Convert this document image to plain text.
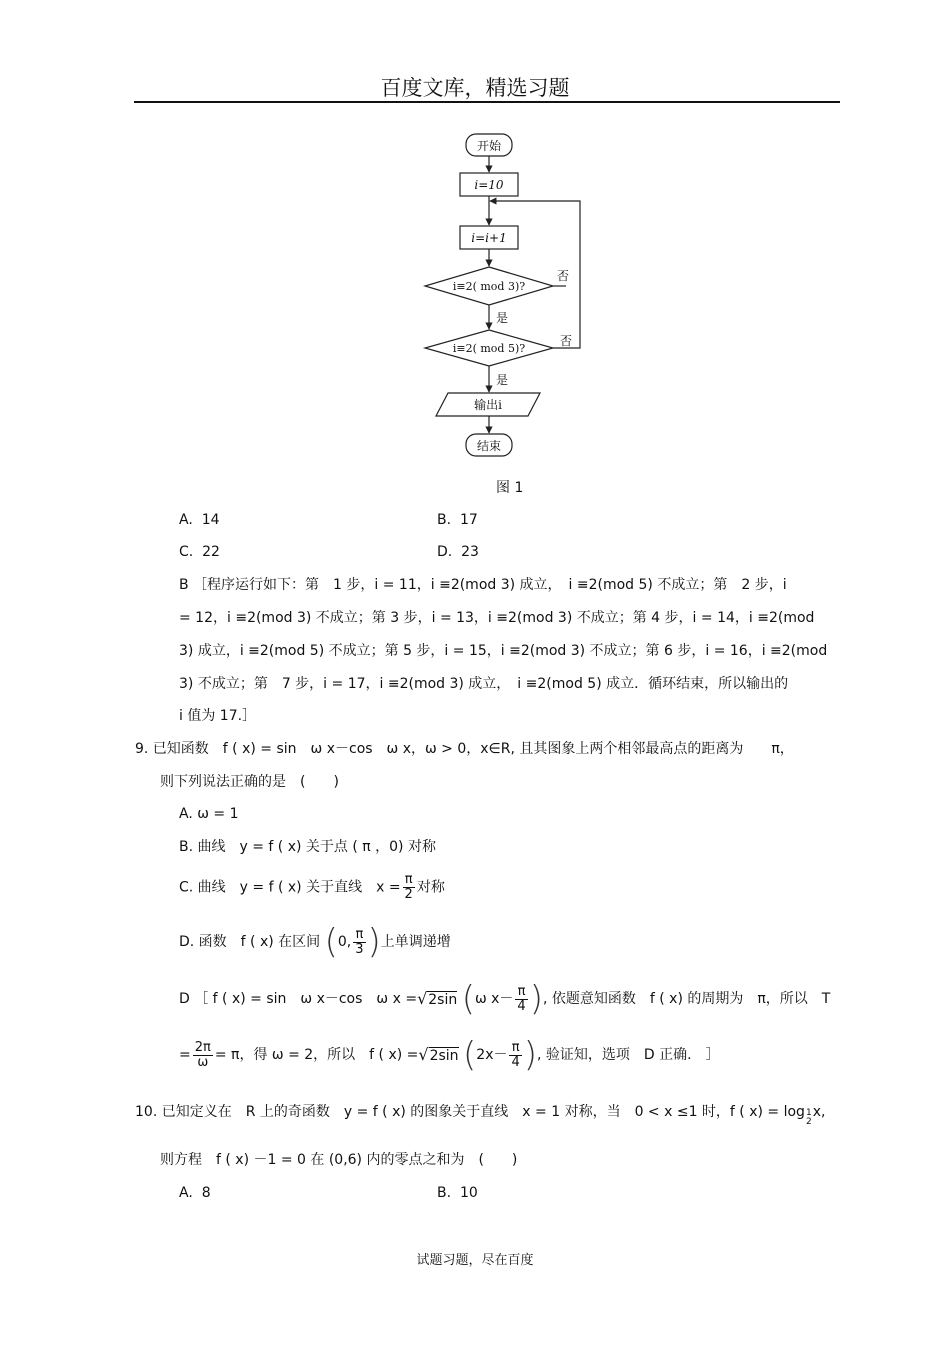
百度文库，精选习题
开始
i=10
i=i+1
i≡2( mod 3)?
i≡2( mod 5)?
输出i
结束
是
是
否
否
图 1
A. 14	B. 17
C. 22	D. 23
B ［程序运行如下：第　1 步，i = 11，i ≡2(mod 3) 成立，　i ≡2(mod 5) 不成立；第　2 步，i
= 12，i ≡2(mod 3) 不成立；第 3 步，i = 13，i ≡2(mod 3) 不成立；第 4 步，i = 14，i ≡2(mod
3) 成立，i ≡2(mod 5) 不成立；第 5 步，i = 15，i ≡2(mod 3) 不成立；第 6 步，i = 16，i ≡2(mod
3) 不成立；第　7 步，i = 17，i ≡2(mod 3) 成立，　i ≡2(mod 5) 成立．循环结束，所以输出的
i 值为 17.］
9. 已知函数　f ( x) = sin　ω x－cos　ω x，ω > 0，x∈R, 且其图象上两个相邻最高点的距离为　　π，
则下列说法正确的是　(　　)
A. ω = 1
B. 曲线　y = f ( x) 关于点 ( π ，0) 对称
C. 曲线　y = f ( x) 关于直线　$x = \frac{\pi}{2}$ 对称
D. 函数　f ( x) 在区间 (0, $\frac{\pi}{3}$ )上单调递增
D ［ f ( x) = sin　ω x－cos　ω x =√2sin (ω $x- \frac{\pi}{4}$ ), 依题意知函数　f ( x) 的周期为　π，所以　T
= $\frac{2\pi}{\omega} = \pi$，得 ω = 2，所以　f ( x) =√2sin ($2x- \frac{\pi}{4}$ ), 验证知，选项　D 正确.　］
10. 已知定义在　R 上的奇函数　y = f ( x) 的图象关于直线　x = 1 对称，当　0 < x ≤1 时，f ( x) = log 1
2
x,
则方程　f ( x) －1 = 0 在 (0,6) 内的零点之和为　(　　)
A. 8	B. 10
试题习题，尽在百度
